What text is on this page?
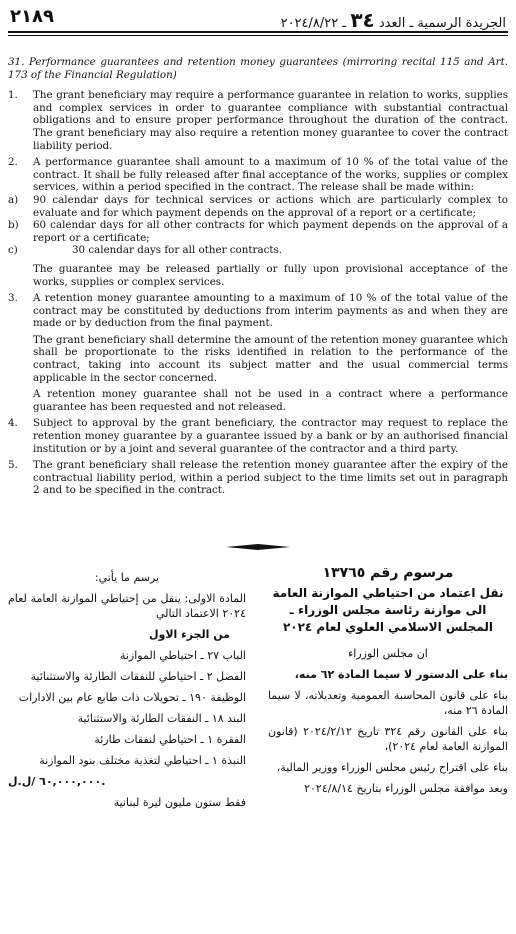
٢١٨٩	الجريدة الرسمية ـ العدد ٣٤ ـ ٢٠٢٤/٨/٢٢

31. Performance guarantees and retention money guarantees (mirroring recital 115 and Art. 173 of the Financial Regulation)

1. The grant beneficiary may require a performance guarantee in relation to works, supplies and complex services in order to guarantee compliance with substantial contractual obligations and to ensure proper performance throughout the duration of the contract. The grant beneficiary may also require a retention money guarantee to cover the contract liability period.
2. A performance guarantee shall amount to a maximum of 10 % of the total value of the contract. It shall be fully released after final acceptance of the works, supplies or complex services, within a period specified in the contract. The release shall be made within:
a) 90 calendar days for technical services or actions which are particularly complex to evaluate and for which payment depends on the approval of a report or a certificate;
b) 60 calendar days for all other contracts for which payment depends on the approval of a report or a certificate;
c)	30 calendar days for all other contracts.

The guarantee may be released partially or fully upon provisional acceptance of the works, supplies or complex services.

3. A retention money guarantee amounting to a maximum of 10 % of the total value of the contract may be constituted by deductions from interim payments as and when they are made or by deduction from the final payment.

The grant beneficiary shall determine the amount of the retention money guarantee which shall be proportionate to the risks identified in relation to the performance of the contract, taking into account its subject matter and the usual commercial terms applicable in the sector concerned.

A retention money guarantee shall not be used in a contract where a performance guarantee has been requested and not released.

4. Subject to approval by the grant beneficiary, the contractor may request to replace the retention money guarantee by a guarantee issued by a bank or by an authorised financial institution or by a joint and several guarantee of the contractor and a third party.
5. The grant beneficiary shall release the retention money guarantee after the expiry of the contractual liability period, within a period subject to the time limits set out in paragraph 2 and to be specified in the contract.
مرسوم رقم ١٣٧٦٥
نقل اعتماد من احتياطي الموازنة العامة الى موازنة رئاسة مجلس الوزراء ـ المجلس الاسلامي العلوي لعام ٢٠٢٤

ان مجلس الوزراء

بناء على الدستور لا سيما المادة ٦٢ منه،

بناء على قانون المحاسبة العمومية وتعديلاته، لا سيما المادة ٢٦ منه،

بناء على القانون رقم ٣٢٤ تاريخ ٢٠٢٤/٢/١٢ (قانون الموازنة العامة لعام ٢٠٢٤)،

بناء على اقتراح رئيس مجلس الوزراء ووزير المالية،

وبعد موافقة مجلس الوزراء بتاريخ ٢٠٢٤/٨/١٤

يرسم ما يأتي:

المادة الاولى: ينقل من إحتياطي الموازنة العامة لعام ٢٠٢٤ الاعتماد التالي

من الجزء الاول

الباب ٢٧ ـ احتياطي الموازنة

الفصل ٢ ـ احتياطي للنفقات الطارئة والاستثنائية

الوظيفة ١٩٠ ـ تحويلات ذات طابع عام بين الادارات

البند ١٨ ـ النفقات الطارئة والاستثنائية

الفقرة ١ ـ احتياطي لنفقات طارئة

النبذة ١ ـ احتياطي لتغذية مختلف بنود الموازنة

٦٠,٠٠٠,٠٠٠ /ل.ل.

فقط ستون مليون ليرة لبنانية
